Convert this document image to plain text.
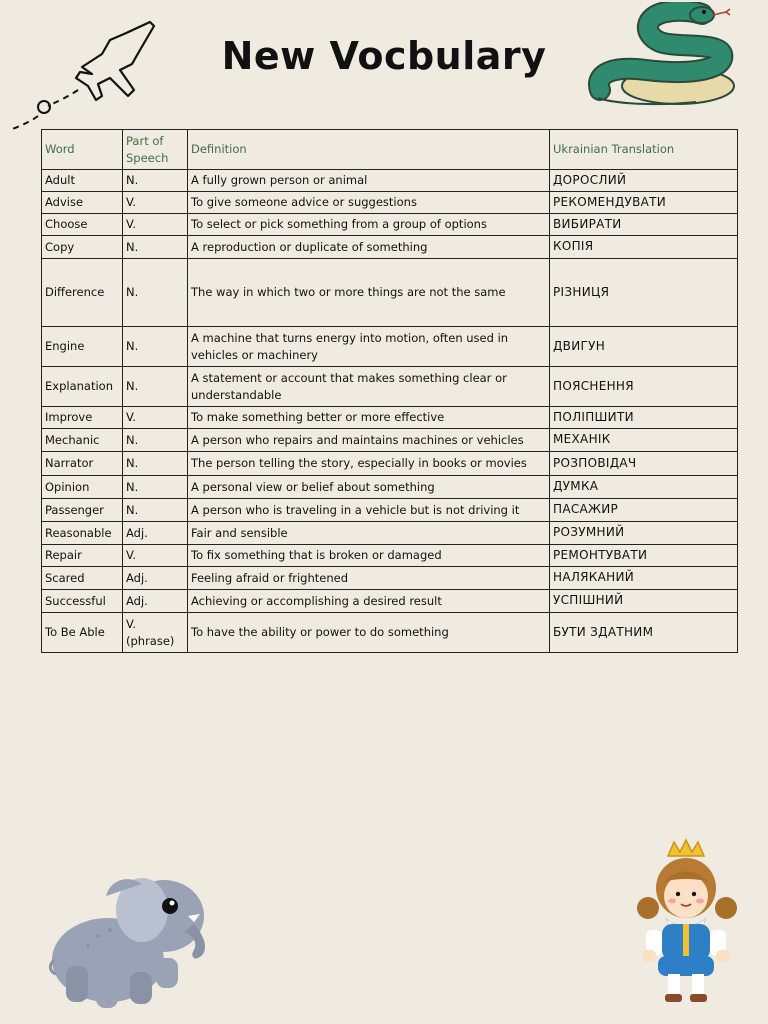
New Vocbulary
Word	Part of Speech	Definition	Ukrainian Translation
Adult	N.	A fully grown person or animal	ДОРОСЛИЙ
Advise	V.	To give someone advice or suggestions	РЕКОМЕНДУВАТИ
Choose	V.	To select or pick something from a group of options	ВИБИРАТИ
Copy	N.	A reproduction or duplicate of something	КОПІЯ
Difference	N.	The way in which two or more things are not the same	РІЗНИЦЯ
Engine	N.	A machine that turns energy into motion, often used in vehicles or machinery	ДВИГУН
Explanation	N.	A statement or account that makes something clear or understandable	ПОЯСНЕННЯ
Improve	V.	To make something better or more effective	ПОЛІПШИТИ
Mechanic	N.	A person who repairs and maintains machines or vehicles	МЕХАНІК
Narrator	N.	The person telling the story, especially in books or movies	РОЗПОВІДАЧ
Opinion	N.	A personal view or belief about something	ДУМКА
Passenger	N.	A person who is traveling in a vehicle but is not driving it	ПАСАЖИР
Reasonable	Adj.	Fair and sensible	РОЗУМНИЙ
Repair	V.	To fix something that is broken or damaged	РЕМОНТУВАТИ
Scared	Adj.	Feeling afraid or frightened	НАЛЯКАНИЙ
Successful	Adj.	Achieving or accomplishing a desired result	УСПІШНИЙ
To Be Able	V. (phrase)	To have the ability or power to do something	БУТИ ЗДАТНИМ
